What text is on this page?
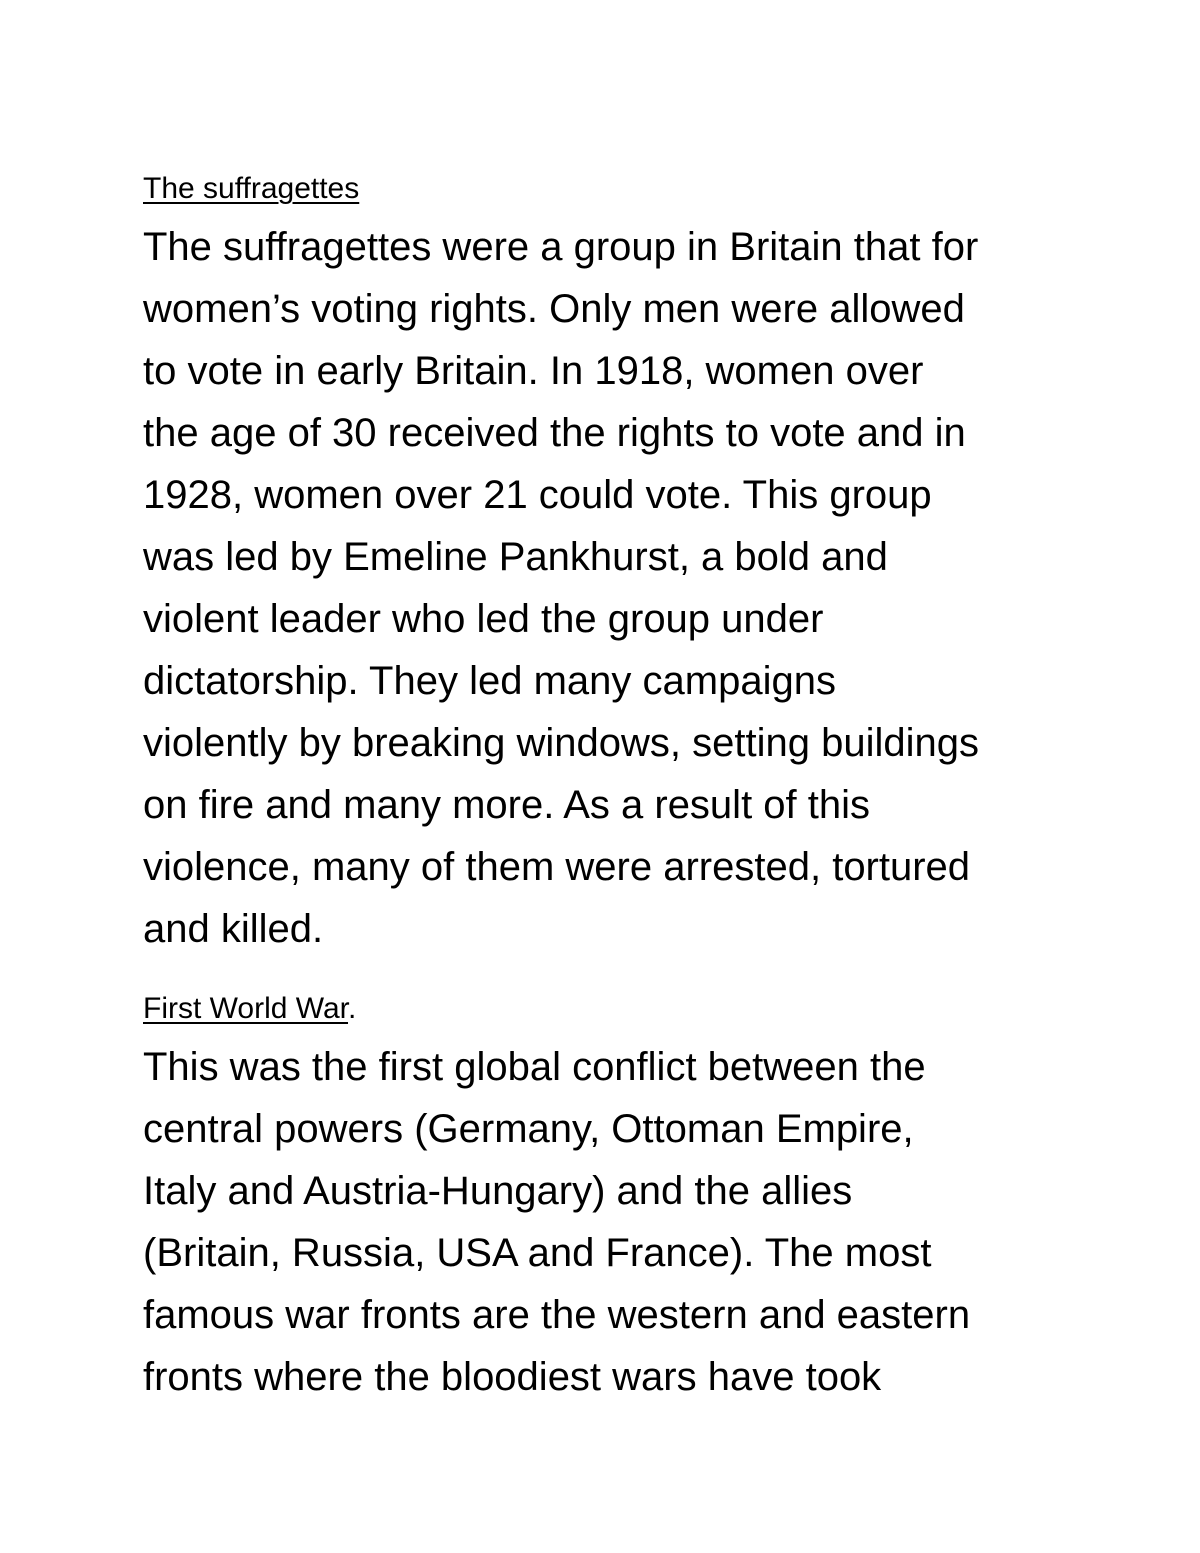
The suffragettes

The suffragettes were a group in Britain that for
women’s voting rights. Only men were allowed
to vote in early Britain. In 1918, women over
the age of 30 received the rights to vote and in
1928, women over 21 could vote. This group
was led by Emeline Pankhurst, a bold and
violent leader who led the group under
dictatorship. They led many campaigns
violently by breaking windows, setting buildings
on fire and many more. As a result of this
violence, many of them were arrested, tortured
and killed.

First World War.

This was the first global conflict between the
central powers (Germany, Ottoman Empire,
Italy and Austria-Hungary) and the allies
(Britain, Russia, USA and France). The most
famous war fronts are the western and eastern
fronts where the bloodiest wars have took
